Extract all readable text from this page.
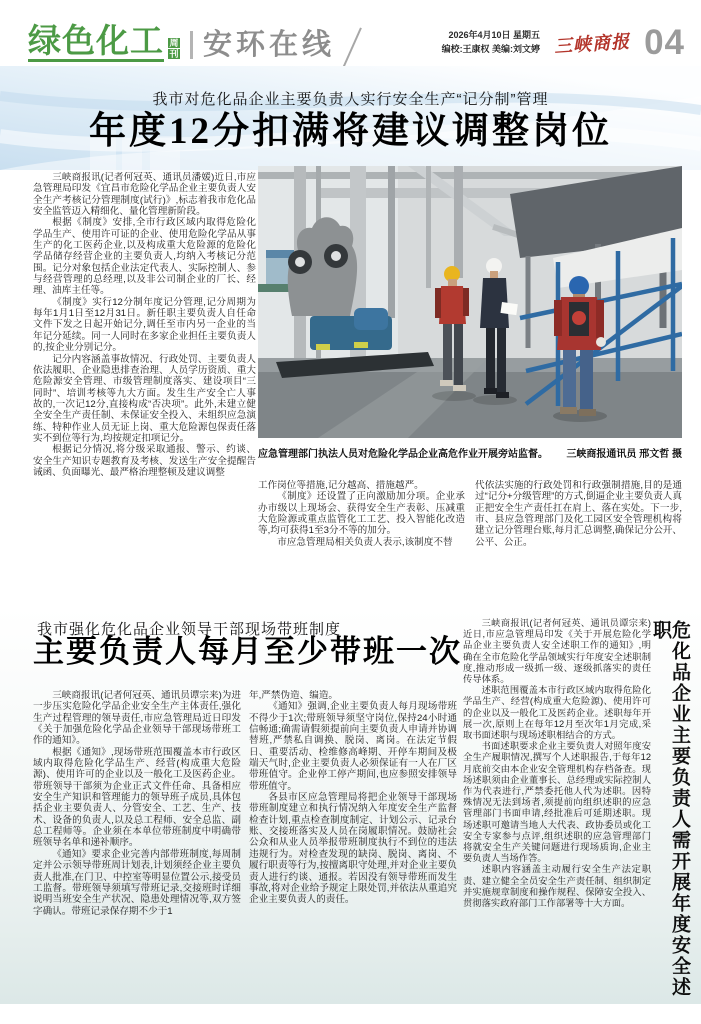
绿色化工 周
刊 安环在线	2026年4月10日 星期五
编校:王康权 美编:刘文婷 三峡商报 04
我市对危化品企业主要负责人实行安全生产“记分制”管理
年度12分扣满将建议调整岗位

三峡商报讯(记者何冠英、通讯员潘媛)近日,市应急管理局印发《宜昌市危险化学品企业主要负责人安全生产考核记分管理制度(试行)》,标志着我市危化品安全监管迈入精细化、量化管理新阶段。

根据《制度》安排,全市行政区域内取得危险化学品生产、使用许可证的企业、使用危险化学品从事生产的化工医药企业,以及构成重大危险源的危险化学品储存经营企业的主要负责人,均纳入考核记分范围。记分对象包括企业法定代表人、实际控制人、参与经营管理的总经理,以及非公司制企业的厂长、经理、油库主任等。

《制度》实行12分制年度记分管理,记分周期为每年1月1日至12月31日。新任职主要负责人自任命文件下发之日起开始记分,调任至市内另一企业的当年记分延续。同一人同时在多家企业担任主要负责人的,按企业分别记分。

记分内容涵盖事故情况、行政处罚、主要负责人依法履职、企业隐患排查治理、人员学历资质、重大危险源安全管理、市级管理制度落实、建设项目“三同时”、培训考核等九大方面。发生生产安全亡人事故的,一次记12分,直接构成“否决项”。此外,未建立健全安全生产责任制、未保证安全投入、未组织应急演练、特种作业人员无证上岗、重大危险源包保责任落实不到位等行为,均按规定扣项记分。

根据记分情况,将分级采取通报、警示、约谈、安全生产知识专题教育及考核、发送生产安全提醒告诫函、负面曝光、最严格治理整顿及建议调整

应急管理部门执法人员对危险化学品企业高危作业开展旁站监督。 三峡商报通讯员 邢文哲 摄

工作岗位等措施,记分越高、措施越严。

《制度》还设置了正向激励加分项。企业承办市级以上现场会、获得安全生产表彰、压减重大危险源或重点监管化工工艺、投入智能化改造等,均可获得1至3分不等的加分。

市应急管理局相关负责人表示,该制度不替

代依法实施的行政处罚和行政强制措施,目的是通过“记分+分级管理”的方式,倒逼企业主要负责人真正把安全生产责任扛在肩上、落在实处。下一步,市、县应急管理部门及化工园区安全管理机构将建立记分管理台账,每月汇总调整,确保记分公开、公平、公正。

我市强化危化品企业领导干部现场带班制度
主要负责人每月至少带班一次

三峡商报讯(记者何冠英、通讯员谭宗来)为进一步压实危险化学品企业安全生产主体责任,强化生产过程管理的领导责任,市应急管理局近日印发《关于加强危险化学品企业领导干部现场带班工作的通知》。

根据《通知》,现场带班范围覆盖本市行政区域内取得危险化学品生产、经营(构成重大危险源)、使用许可的企业以及一般化工及医药企业。带班领导干部须为企业正式文件任命、具备相应安全生产知识和管理能力的领导班子成员,具体包括企业主要负责人、分管安全、工艺、生产、技术、设备的负责人,以及总工程师、安全总监、副总工程师等。企业须在本单位带班制度中明确带班领导名单和递补顺序。

《通知》要求企业完善内部带班制度,每周制定并公示领导带班周计划表,计划须经企业主要负责人批准,在门卫、中控室等明显位置公示,接受员工监督。带班领导须填写带班记录,交接班时详细说明当班安全生产状况、隐患处理情况等,双方签字确认。带班记录保存期不少于1

年,严禁伪造、编造。

《通知》强调,企业主要负责人每月现场带班不得少于1次;带班领导须坚守岗位,保持24小时通信畅通;确需请假须提前向主要负责人申请并协调替班,严禁私自调换、脱岗、离岗。在法定节假日、重要活动、检维修高峰期、开停车期间及极端天气时,企业主要负责人必须保证有一人在厂区带班值守。企业停工停产期间,也应参照安排领导带班值守。

各县市区应急管理局将把企业领导干部现场带班制度建立和执行情况纳入年度安全生产监督检查计划,重点检查制度制定、计划公示、记录台账、交接班落实及人员在岗履职情况。鼓励社会公众和从业人员举报带班制度执行不到位的违法违规行为。对检查发现的缺岗、脱岗、离岗、不履行职责等行为,按擅离职守处理,并对企业主要负责人进行约谈、通报。若因没有领导带班而发生事故,将对企业给予规定上限处罚,并依法从重追究企业主要负责人的责任。

三峡商报讯(记者何冠英、通讯员谭宗来)近日,市应急管理局印发《关于开展危险化学品企业主要负责人安全述职工作的通知》,明确在全市危险化学品领域实行年度安全述职制度,推动形成一级抓一级、逐级抓落实的责任传导体系。

述职范围覆盖本市行政区域内取得危险化学品生产、经营(构成重大危险源)、使用许可的企业以及一般化工及医药企业。述职每年开展一次,原则上在每年12月至次年1月完成,采取书面述职与现场述职相结合的方式。

书面述职要求企业主要负责人对照年度安全生产履职情况,撰写个人述职报告,于每年12月底前交由本企业安全管理机构存档备查。现场述职须由企业董事长、总经理或实际控制人作为代表进行,严禁委托他人代为述职。因特殊情况无法到场者,须提前向组织述职的应急管理部门书面申请,经批准后可延期述职。现场述职可邀请当地人大代表、政协委员或化工安全专家参与点评,组织述职的应急管理部门将就安全生产关键问题进行现场质询,企业主要负责人当场作答。

述职内容涵盖主动履行安全生产法定职责、建立健全全员安全生产责任制、组织制定并实施规章制度和操作规程、保障安全投入、贯彻落实政府部门工作部署等十大方面。	危化品企业主要负责人需开展年度安全述职
